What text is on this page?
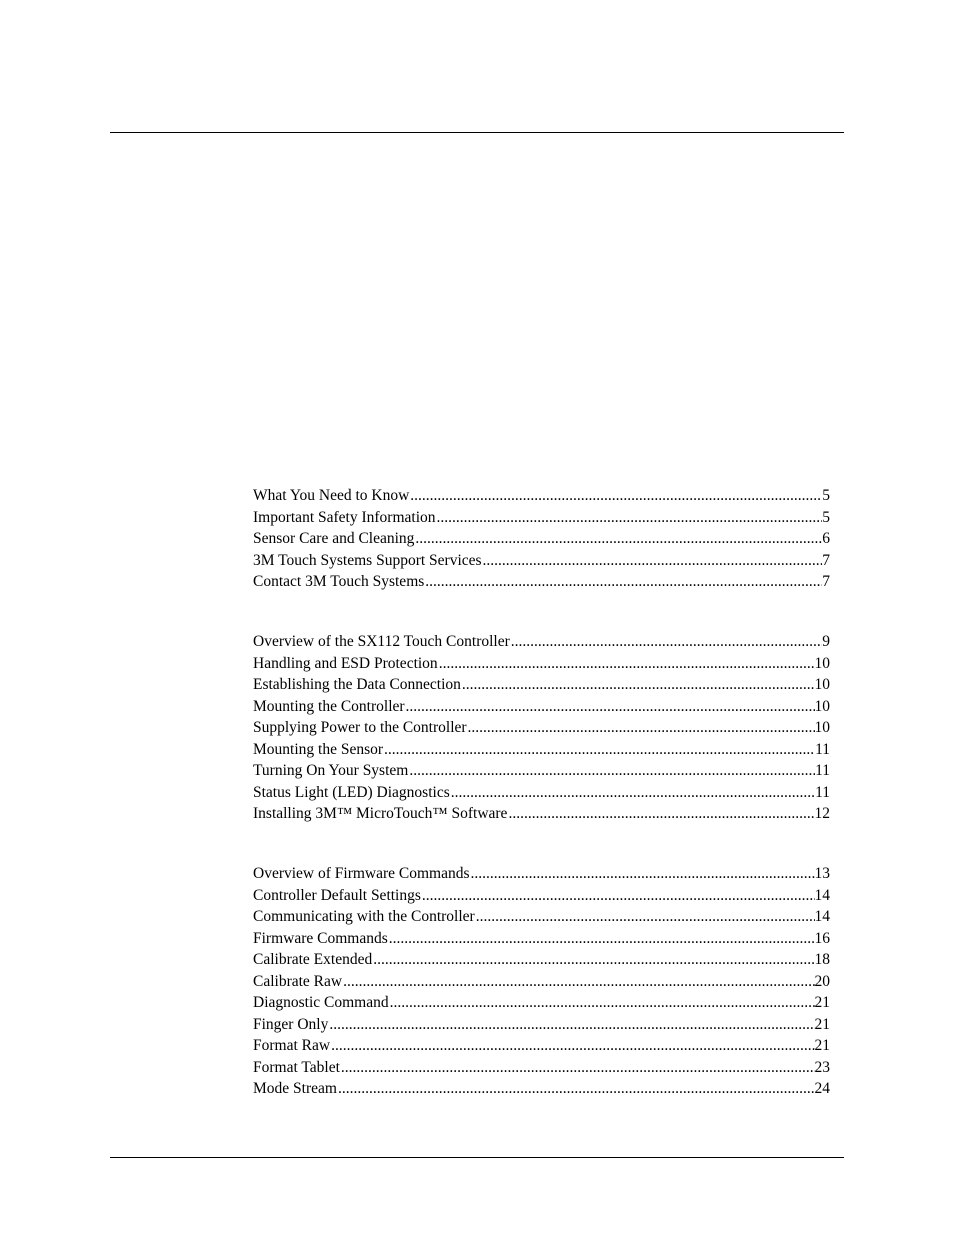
What You Need to Know .....	5
Important Safety Information .....	5
Sensor Care and Cleaning .....	6
3M Touch Systems Support Services .....	7
Contact 3M Touch Systems .....	7
Overview of the SX112 Touch Controller .....	9
Handling and ESD Protection .....	10
Establishing the Data Connection .....	10
Mounting the Controller .....	10
Supplying Power to the Controller .....	10
Mounting the Sensor .....	11
Turning On Your System .....	11
Status Light (LED) Diagnostics .....	11
Installing 3M™ MicroTouch™ Software .....	12
Overview of Firmware Commands .....	13
Controller Default Settings .....	14
Communicating with the Controller .....	14
Firmware Commands .....	16
Calibrate Extended .....	18
Calibrate Raw .....	20
Diagnostic Command .....	21
Finger Only .....	21
Format Raw .....	21
Format Tablet .....	23
Mode Stream .....	24
